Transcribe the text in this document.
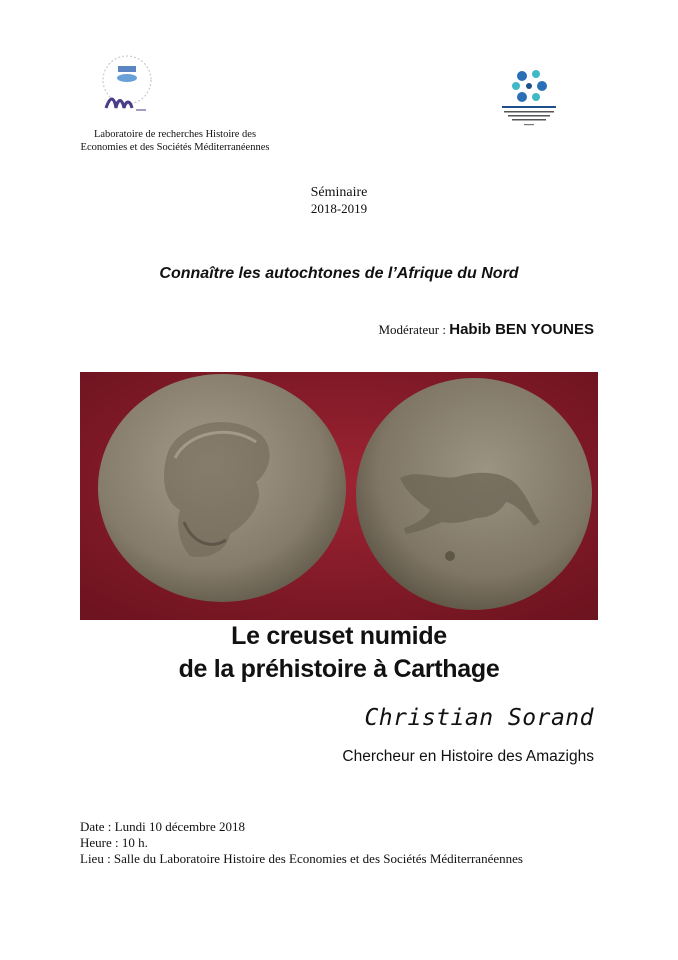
Laboratoire de recherches Histoire des
Economies et des Sociétés Méditerranéennes
Séminaire
2018-2019
Connaître les autochtones de l’Afrique du Nord
Modérateur : Habib BEN YOUNES
Le creuset numide
de la préhistoire à Carthage
Christian Sorand
Chercheur en Histoire des Amazighs
Date : Lundi 10 décembre 2018
Heure : 10 h.
Lieu : Salle du Laboratoire Histoire des Economies et des Sociétés Méditerranéennes
